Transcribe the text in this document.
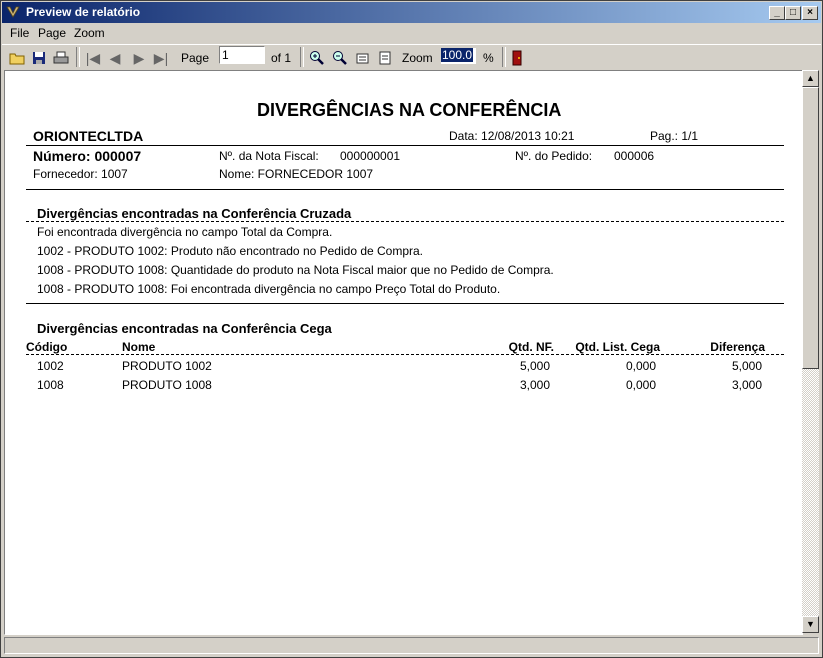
Preview de relatório	_	□	×
File Page Zoom
|◀ ◀ ▶ ▶| Page	of 1	Zoom	%
1	100.0
DIVERGÊNCIAS NA CONFERÊNCIA
ORIONTECLTDA	Data: 12/08/2013 10:21	Pag.: 1/1
Número: 000007	Nº. da Nota Fiscal: 000000001	Nº. do Pedido: 000006
Fornecedor: 1007	Nome: FORNECEDOR 1007
Divergências encontradas na Conferência Cruzada
Foi encontrada divergência no campo Total da Compra.
1002 - PRODUTO 1002: Produto não encontrado no Pedido de Compra.
1008 - PRODUTO 1008: Quantidade do produto na Nota Fiscal maior que no Pedido de Compra.
1008 - PRODUTO 1008: Foi encontrada divergência no campo Preço Total do Produto.
Divergências encontradas na Conferência Cega
Código	Nome	Qtd. NF.	Qtd. List. Cega	Diferença
1002	PRODUTO 1002	5,000	0,000	5,000
1008	PRODUTO 1008	3,000	0,000	3,000
▲
▼
